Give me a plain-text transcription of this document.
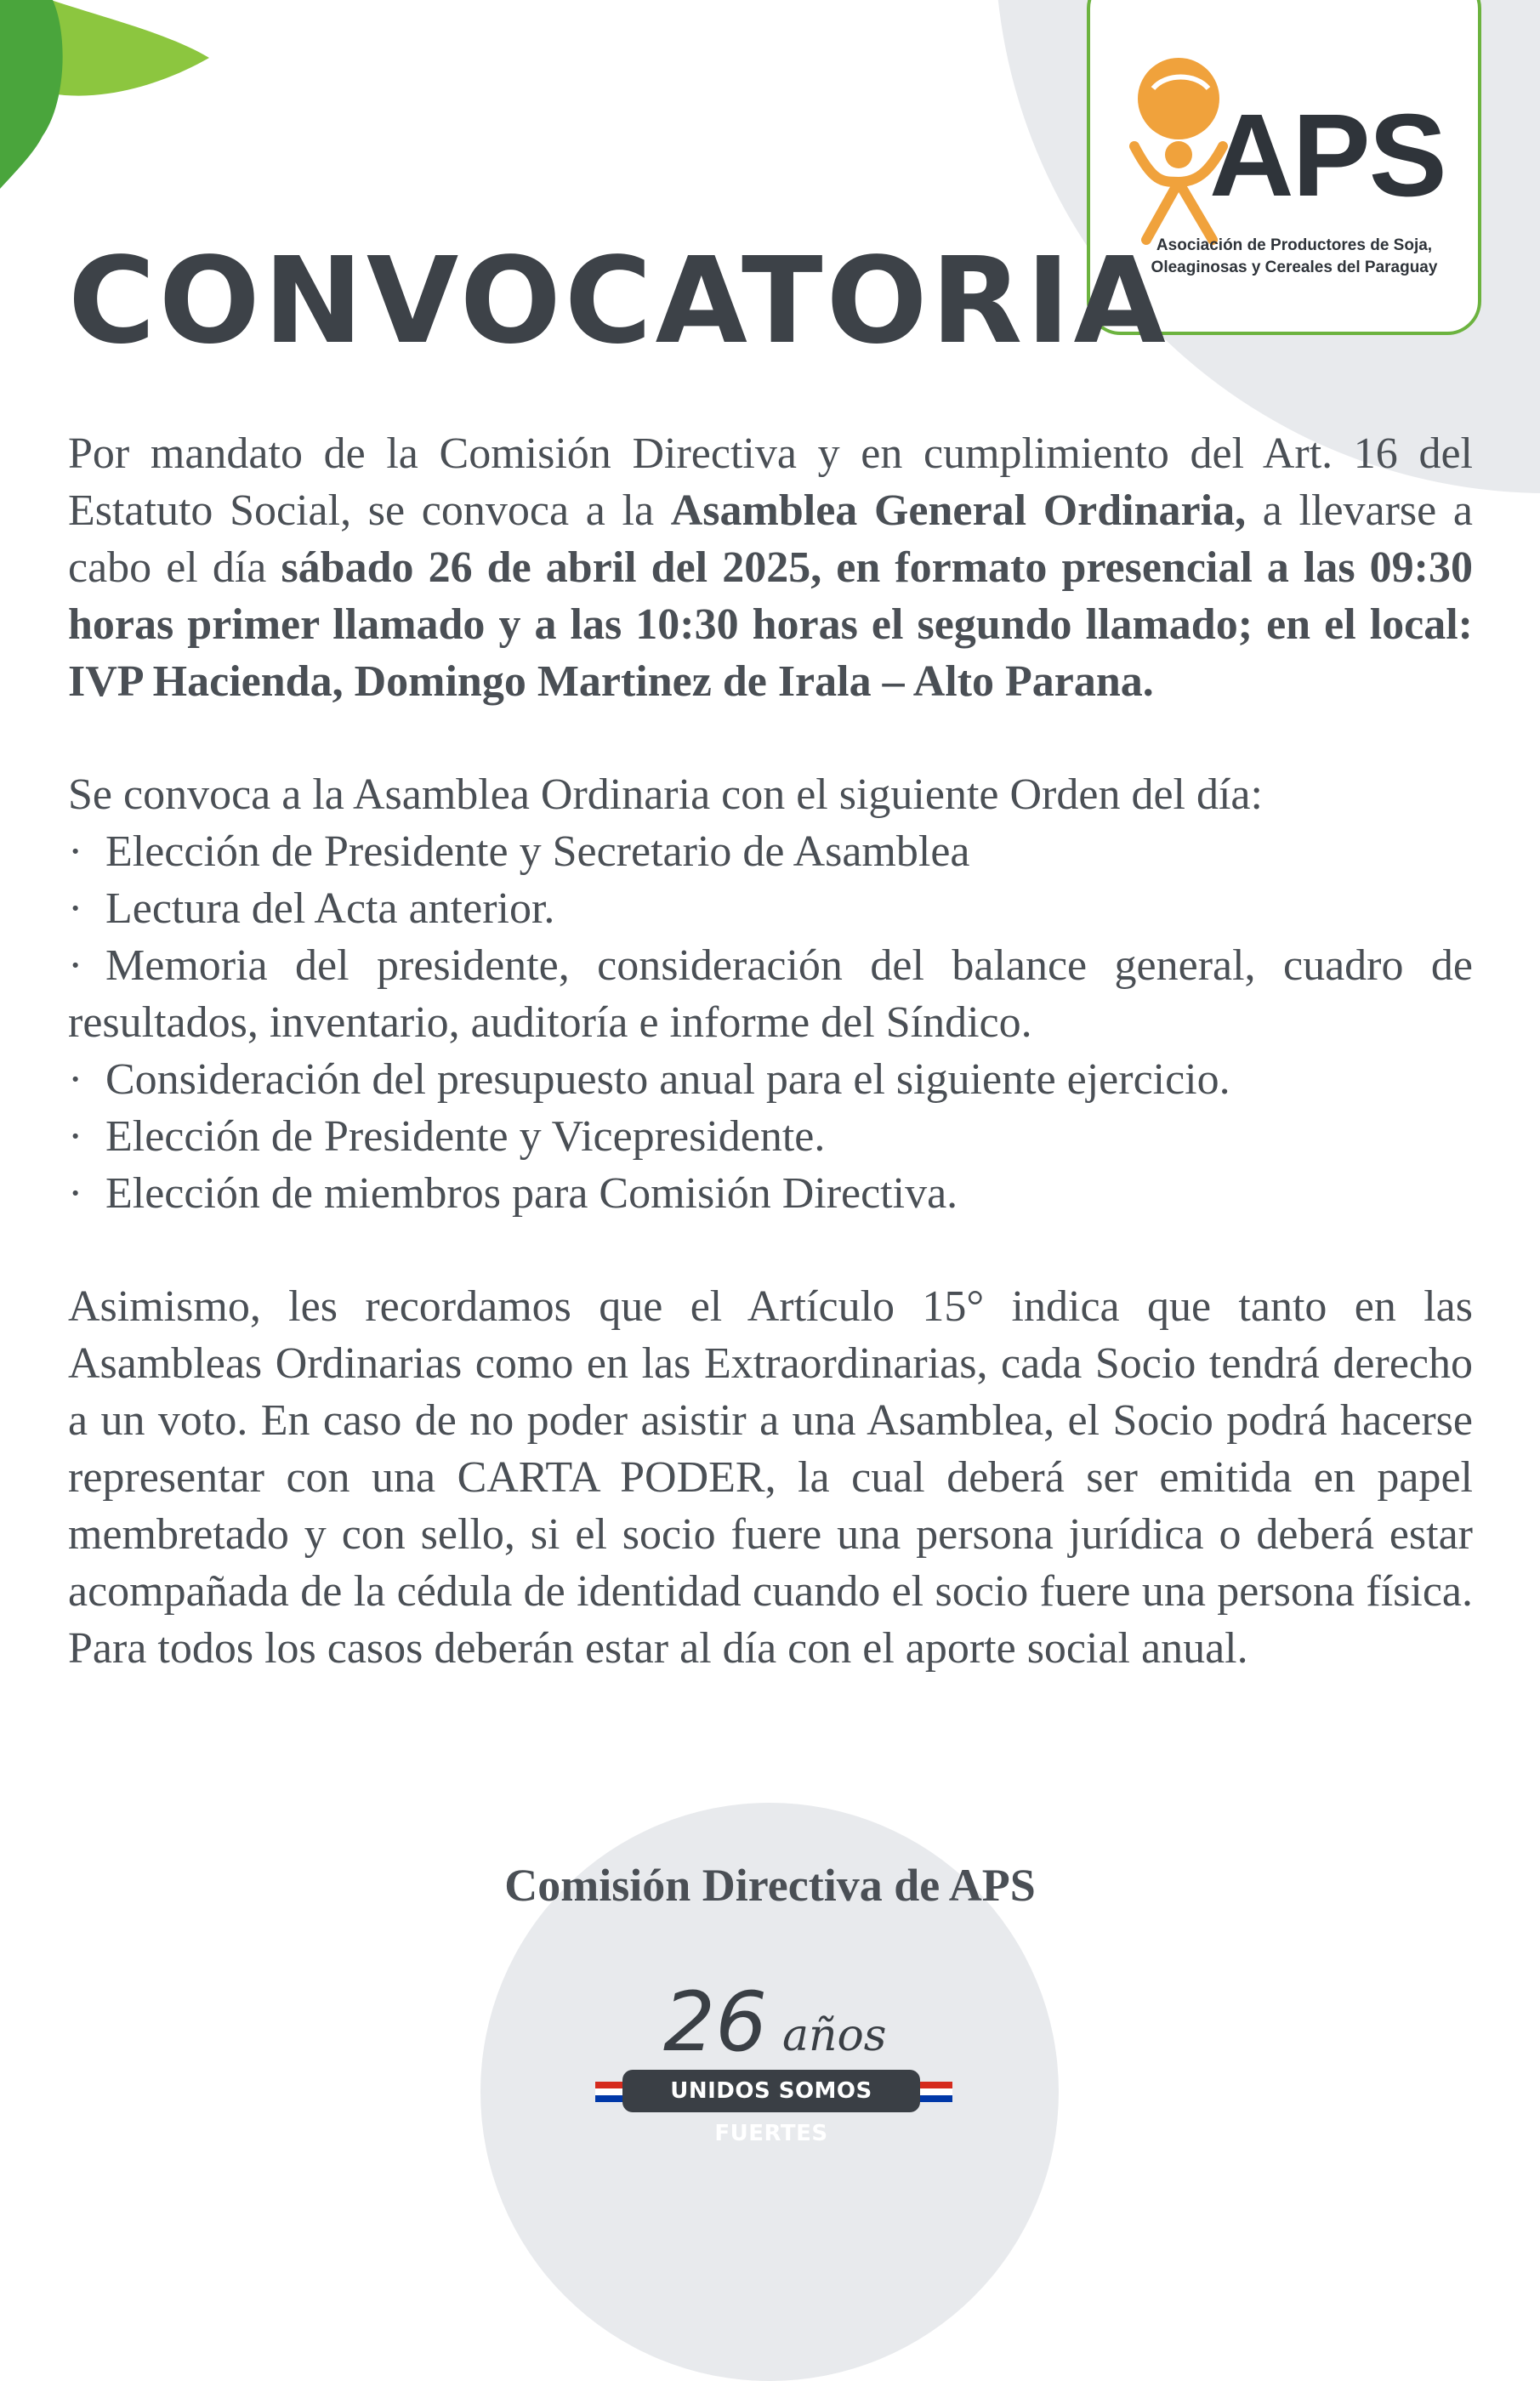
APS
Asociación de Productores de Soja,
Oleaginosas y Cereales del Paraguay
CONVOCATORIA

Por mandato de la Comisión Directiva y en cumplimiento del Art. 16 del Estatuto Social, se convoca a la Asamblea General Ordinaria, a llevarse a cabo el día sábado 26 de abril del 2025, en formato presencial a las 09:30 horas primer llamado y a las 10:30 horas el segundo llamado; en el local: IVP Hacienda, Domingo Martinez de Irala – Alto Parana.

Se convoca a la Asamblea Ordinaria con el siguiente Orden del día:

· Elección de Presidente y Secretario de Asamblea
· Lectura del Acta anterior.
· Memoria del presidente, consideración del balance general, cuadro de resultados, inventario, auditoría e informe del Síndico.
· Consideración del presupuesto anual para el siguiente ejercicio.
· Elección de Presidente y Vicepresidente.
· Elección de miembros para Comisión Directiva.

Asimismo, les recordamos que el Artículo 15° indica que tanto en las Asambleas Ordinarias como en las Extraordinarias, cada Socio tendrá derecho a un voto. En caso de no poder asistir a una Asamblea, el Socio podrá hacerse representar con una CARTA PODER, la cual deberá ser emitida en papel membretado y con sello, si el socio fuere una persona jurídica o deberá estar acompañada de la cédula de identidad cuando el socio fuere una persona física. Para todos los casos deberán estar al día con el aporte social anual.

Comisión Directiva de APS
26 años
UNIDOS SOMOS FUERTES
